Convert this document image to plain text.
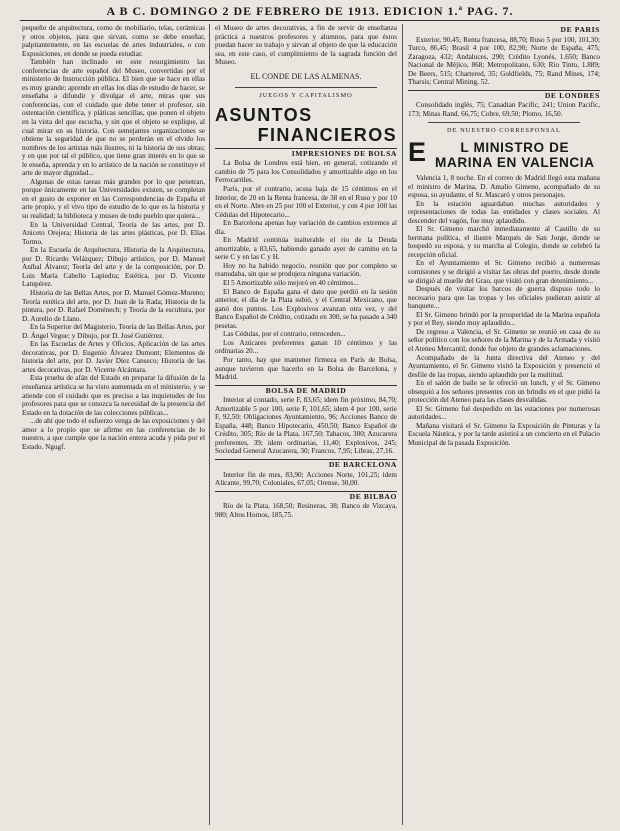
A B C. DOMINGO 2 DE FEBRERO DE 1913. EDICION 1.ª PAG. 7.

pequeño de arquitectura, como de mobiliario, telas, cerámicas y otros objetos, para que sirvan, como se debe enseñar, palpitantemente, en las escuelas de artes industriales, o con Exposiciones, en donde se pueda estudiar.

También han inclinado en este resurgimiento las conferencias de arte español del Museo, convertidas por el ministerio de Instrucción pública. El bien que se hace en ellas es muy grande; aprende en ellas los días de estudio de hacer, se enseñaba a difundir y divulgar el arte, miras que sus conferencias, con el cuidado que debe tener el profesor, sin ostentación científica, y pláticas sencillas, que ponen el objeto en la vista del que escucha, y sin que el objeto se explique, al cual mirar en su historia. Con semejantes organizaciones se obtiene la seguridad de que no se perderán en el olvido los nombres de los artistas más ilustres, ni la historia de sus obras; y en que por tal el público, que tiene gran interés en lo que se le enseña, aprenda y en lo artístico de la nación se constituye el arte de mayor dignidad...

Algunas de estas tareas más grandes por lo que penetran, porque únicamente en las Universidades existen, se completan en el gusto de exponer en las Correspondencias de España el arte propio, y el vivo tipo de estudio de lo que es la historia y su realidad; la biblioteca y museo de todo pueblo que quiera...

En la Universidad Central, Teoría de las artes, por D. Aniceto Orejera; Historia de las artes plásticas, por D. Elías Tormo.

En la Escuela de Arquitectura, Historia de la Arquitectura, por D. Ricardo Velázquez; Dibujo artístico, por D. Manuel Aníbal Álvarez; Teoría del arte y de la composición, por D. Luis María Cabello Lapiedra; Estética, por D. Vicente Lampérez.

Historia de las Bellas Artes, por D. Manuel Gómez-Moreno; Teoría estética del arte, por D. Juan de la Rada; Historia de la pintura, por D. Rafael Doménech; y Teoría de la escultura, por D. Aurelio de Llano.

En la Superior del Magisterio, Teoría de las Bellas Artes, por D. Ángel Vegue; y Dibujo, por D. José Gutiérrez.

En las Escuelas de Artes y Oficios, Aplicación de las artes decorativas, por D. Eugenio Álvarez Dumont; Elementos de historia del arte, por D. Javier Díez Canseco; Historia de las artes decorativas, por D. Vicente Alcántara.

Esta prueba de afán del Estado en preparar la difusión de la enseñanza artística se ha visto aumentada en el ministerio, y se atiende con el cuidado que es preciso a las inquietudes de los profesores para que se conozca la necesidad de la presencia del Estado en la dotación de las colecciones públicas...

...de ahí que todo el esfuerzo venga de las exposiciones y del amor a lo propio que se afirme en las conferencias de lo nuestro, a que cumple que la nación entera acuda y pida por el Estado. Ngugf.

el Museo de artes decorativas, a fin de servir de enseñanza práctica a nuestros profesores y alumnos, para que éstos puedan hacer su trabajo y sirvan al objeto de que la educación sea, en este caso, el cumplimiento de la sagrada función del Museo.

EL CONDE DE LAS ALMENAS.
JUEGOS Y CAPITALISMO
ASUNTOS
FINANCIEROS
IMPRESIONES DE BOLSA

La Bolsa de Londres está bien, en general, cotizando el cambio de 75 para los Consolidados y amortizable algo en los Ferrocarriles.

París, por el contrario, acusa baja de 15 céntimos en el Interior, de 20 en la Renta francesa, de 38 en el Ruso y por 10 en el Norte. Abre en 25 por 100 el Exterior, y con 4 por 100 las Cédulas del Hipotecario...

En Barcelona apenas hay variación de cambios extremos al día.

En Madrid continúa inalterable el rio de la Deuda amortizable, a 83,65, habiendo ganado ayer de camino en la serie C y en las C y H.

Hoy no ha habido negocio, reunión que por completo se reanudaba, sin que se produjera ninguna variación.

El 5 Amortizable sólo mejoró en 40 céntimos...

El Banco de España gana el dato que perdió en la sesión anterior, el día de la Plata subió, y el Central Mexicano, que ganó dos puntos. Los Explosivos avanzan otra vez, y del Banco Español de Crédito, cotizado en 300, se ha pasado a 340 pesetas.

Las Cédulas, por el contrario, retroceden...

Los Azúcares preferentes ganan 10 céntimos y las ordinarias 20...

Por tanto, hay que mantener firmeza en París de Bolsa, aunque tuvieron que hacerlo en la Bolsa de Barcelona, y Madrid.

BOLSA DE MADRID

Interior al contado, serie F, 83,65; idem fin próximo, 84,70; Amortizable 5 por 100, serie F, 101,65; idem 4 por 100, serie F, 92,50; Obligaciones Ayuntamiento, 96; Acciones Banco de España, 448; Banco Hipotecario, 450,50; Banco Español de Crédito, 305; Río de la Plata, 167,50; Tabacos, 380; Azucarera preferentes, 39; idem ordinarias, 11,40; Explosivos, 245; Sociedad General Azucarera, 30; Francos, 7,95; Libras, 27,16.

DE BARCELONA

Interior fin de mes, 83,90; Acciones Norte, 101,25; idem Alicante, 99,70; Coloniales, 67,05; Orense, 30,00.

DE BILBAO

Río de la Plata, 168,50; Resineras, 38; Banco de Vizcaya, 980; Altos Hornos, 185,75.

DE PARIS

Exterior, 90,45; Renta francesa, 88,70; Ruso 5 por 100, 101,30; Turco, 86,45; Brasil 4 por 100, 82,90; Norte de España, 475; Zaragoza, 432; Andaluces, 290; Crédito Lyonés, 1.650; Banco Nacional de Méjico, 868; Metropolitano, 630; Río Tinto, 1.889; De Beers, 515; Chartered, 35; Goldfields, 75; Rand Mines, 174; Tharsis; Central Mining, 52.

DE LONDRES

Consolidado inglés, 75; Canadian Pacific, 241; Union Pacific, 173; Minas Rand, 66,75; Cobre, 69,50; Plomo, 16,50.

DE NUESTRO CORRESPONSAL
E L MINISTRO DE MARINA EN VALENCIA

Valencia 1, 8 noche. En el correo de Madrid llegó esta mañana el ministro de Marina, D. Amalio Gimeno, acompañado de su esposa, su ayudante, el Sr. Mascaró y otros personajes.

En la estación aguardaban muchas autoridades y representaciones de todas las entidades y clases sociales. Al descender del vagón, fue muy aplaudido.

El Sr. Gimeno marchó inmediatamente al Castillo de su hermana política, el ilustre Marqués de San Jorge, donde se hospedó su esposa, y su marcha al Colegio, donde se celebró la recepción oficial.

En el Ayuntamiento el Sr. Gimeno recibió a numerosas comisiones y se dirigió a visitar las obras del puerto, desde donde se dirigió al muelle del Grao, que visitó con gran detenimiento...

Después de visitar los barcos de guerra dispuso todo lo necesario para que las tropas y los oficiales pudieran asistir al banquete...

El Sr. Gimeno brindó por la prosperidad de la Marina española y por el Rey, siendo muy aplaudido...

De regreso a Valencia, el Sr. Gimeno se reunió en casa de su señor político con los señores de la Marina y de la Armada y visitó el Ateneo Mercantil, donde fue objeto de grandes aclamaciones.

Acompañado de la Junta directiva del Ateneo y del Ayuntamiento, el Sr. Gimeno visitó la Exposición y presenció el desfile de las tropas, siendo aplaudido por la multitud.

En el salón de baile se le ofreció un lunch, y el Sr. Gimeno obsequió a los señores presentes con un brindis en el que pidió la protección del Ateneo para las clases desvalidas.

El Sr. Gimeno fué despedido en las estaciones por numerosas autoridades...

Mañana visitará el Sr. Gimeno la Exposición de Pinturas y la Escuela Náutica, y por la tarde asistirá a un concierto en el Palacio Municipal de la pasada Exposición.
